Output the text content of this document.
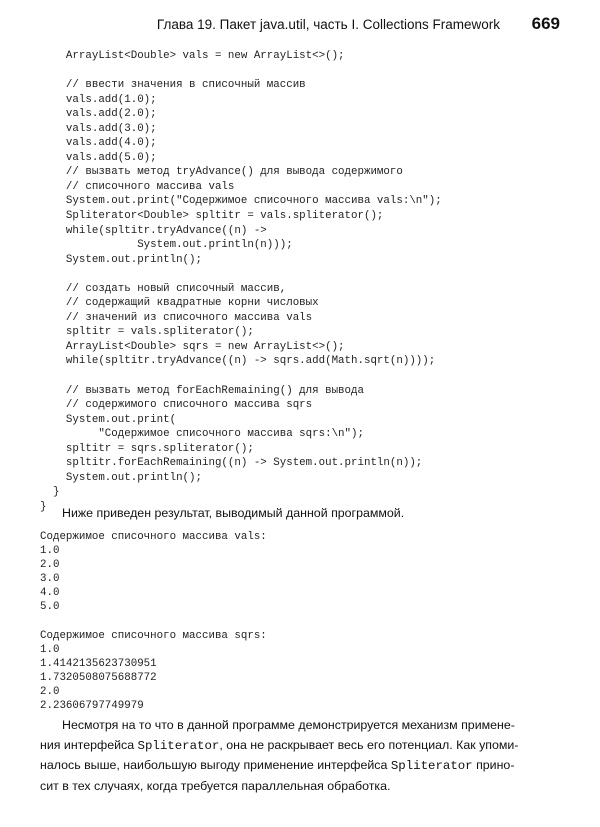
Глава 19. Пакет java.util, часть I. Collections Framework 669
ArrayList<Double> vals = new ArrayList<>();

// ввести значения в списочный массив
vals.add(1.0);
vals.add(2.0);
vals.add(3.0);
vals.add(4.0);
vals.add(5.0);
// вызвать метод tryAdvance() для вывода содержимого
// списочного массива vals
System.out.print("Содержимое списочного массива vals:\n");
Spliterator<Double> spltitr = vals.spliterator();
while(spltitr.tryAdvance((n) ->
System.out.println(n)));
System.out.println();

// создать новый списочный массив,
// содержащий квадратные корни числовых
// значений из списочного массива vals
spltitr = vals.spliterator();
ArrayList<Double> sqrs = new ArrayList<>();
while(spltitr.tryAdvance((n) -> sqrs.add(Math.sqrt(n))));

// вызвать метод forEachRemaining() для вывода
// содержимого списочного массива sqrs
System.out.print(
"Содержимое списочного массива sqrs:\n");
spltitr = sqrs.spliterator();
spltitr.forEachRemaining((n) -> System.out.println(n));
System.out.println();
}
}	Ниже приведен результат, выводимый данной программой.
Содержимое списочного массива vals:
1.0
2.0
3.0
4.0
5.0

Содержимое списочного массива sqrs:
1.0
1.4142135623730951
1.7320508075688772
2.0
2.23606797749979
Несмотря на то что в данной программе демонстрируется механизм примене-
ния интерфейса Spliterator, она не раскрывает весь его потенциал. Как упоми-
налось выше, наибольшую выгоду применение интерфейса Spliterator прино-
сит в тех случаях, когда требуется параллельная обработка.
